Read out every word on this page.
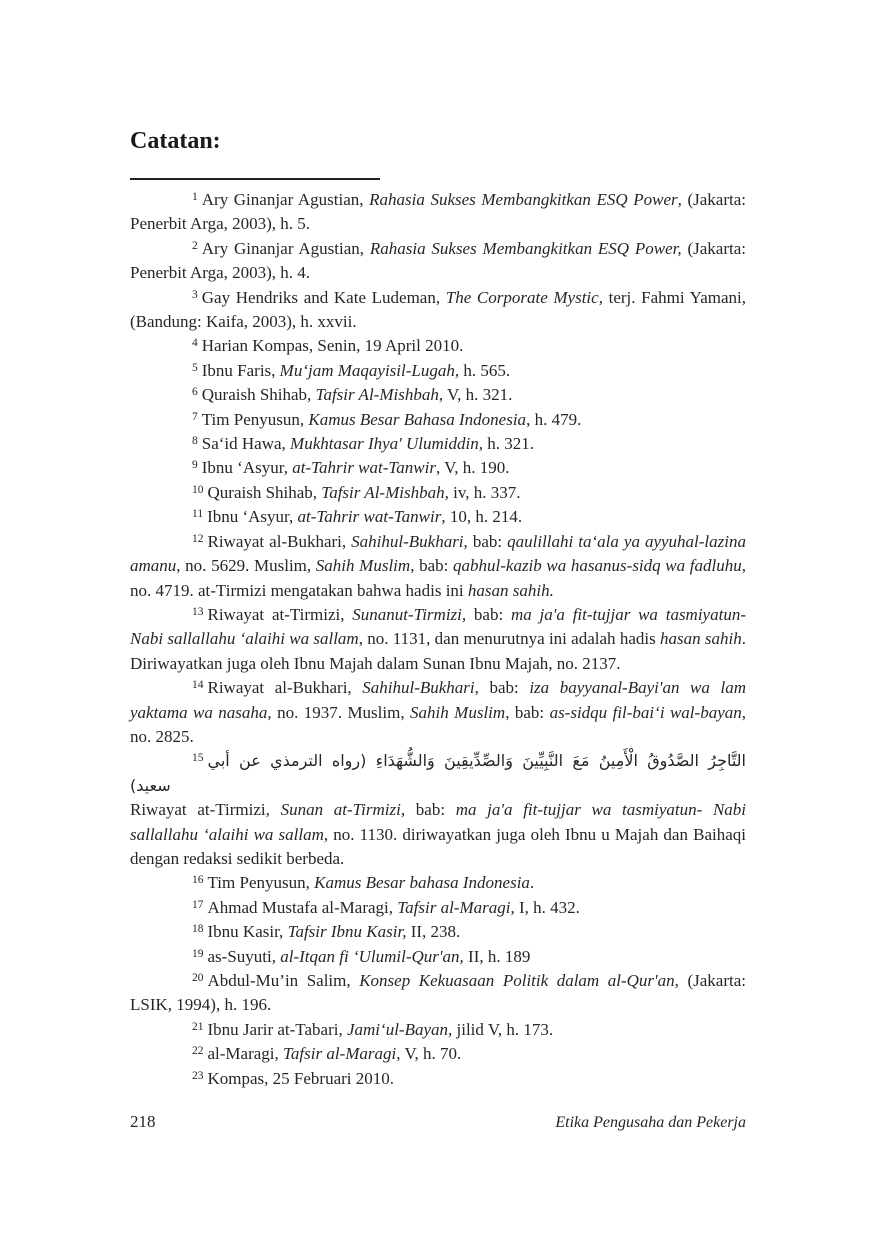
Catatan:

$^1$ Ary Ginanjar Agustian, Rahasia Sukses Membangkitkan ESQ Power, (Jakarta: Penerbit Arga, 2003), h. 5.

$^2$ Ary Ginanjar Agustian, Rahasia Sukses Membangkitkan ESQ Power, (Jakarta: Penerbit Arga, 2003), h. 4.

$^3$ Gay Hendriks and Kate Ludeman, The Corporate Mystic, terj. Fahmi Yamani, (Bandung: Kaifa, 2003), h. xxvii.

$^4$ Harian Kompas, Senin, 19 April 2010.

$^5$ Ibnu Faris, Mu‘jam Maqayisil-Lugah, h. 565.

$^6$ Quraish Shihab, Tafsir Al-Mishbah, V, h. 321.

$^7$ Tim Penyusun, Kamus Besar Bahasa Indonesia, h. 479.

$^8$ Sa‘id Hawa, Mukhtasar Ihya' Ulumiddin, h. 321.

$^9$ Ibnu ‘Asyur, at-Tahrir wat-Tanwir, V, h. 190.

$^{10}$ Quraish Shihab, Tafsir Al-Mishbah, iv, h. 337.

$^{11}$ Ibnu ‘Asyur, at-Tahrir wat-Tanwir, 10, h. 214.

$^{12}$ Riwayat al-Bukhari, Sahihul-Bukhari, bab: qaulillahi ta‘ala ya ayyuhal-lazina amanu, no. 5629. Muslim, Sahih Muslim, bab: qabhul-kazib wa hasanus-sidq wa fadluhu, no. 4719. at-Tirmizi mengatakan bahwa hadis ini hasan sahih.

$^{13}$ Riwayat at-Tirmizi, Sunanut-Tirmizi, bab: ma ja'a fit-tujjar wa tasmiyatun- Nabi sallallahu ‘alaihi wa sallam, no. 1131, dan menurutnya ini adalah hadis hasan sahih. Diriwayatkan juga oleh Ibnu Majah dalam Sunan Ibnu Majah, no. 2137.

$^{14}$ Riwayat al-Bukhari, Sahihul-Bukhari, bab: iza bayyanal-Bayi'an wa lam yaktama wa nasaha, no. 1937. Muslim, Sahih Muslim, bab: as-sidqu fil-bai‘i wal-bayan, no. 2825.

$^{15}$ التَّاجِرُ الصَّدُوقُ الْأَمِينُ مَعَ النَّبِيِّينَ وَالصِّدِّيقِينَ وَالشُّهَدَاءِ (رواه الترمذي عن أبي سعيد)

Riwayat at-Tirmizi, Sunan at-Tirmizi, bab: ma ja'a fit-tujjar wa tasmiyatun- Nabi sallallahu ‘alaihi wa sallam, no. 1130. diriwayatkan juga oleh Ibnu u Majah dan Baihaqi dengan redaksi sedikit berbeda.

$^{16}$ Tim Penyusun, Kamus Besar bahasa Indonesia.

$^{17}$ Ahmad Mustafa al-Maragi, Tafsir al-Maragi, I, h. 432.

$^{18}$ Ibnu Kasir, Tafsir Ibnu Kasir, II, 238.

$^{19}$ as-Suyuti, al-Itqan fi ‘Ulumil-Qur'an, II, h. 189

$^{20}$ Abdul-Mu’in Salim, Konsep Kekuasaan Politik dalam al-Qur'an, (Jakarta: LSIK, 1994), h. 196.

$^{21}$ Ibnu Jarir at-Tabari, Jami‘ul-Bayan, jilid V, h. 173.

$^{22}$ al-Maragi, Tafsir al-Maragi, V, h. 70.

$^{23}$ Kompas, 25 Februari 2010.

218	Etika Pengusaha dan Pekerja
